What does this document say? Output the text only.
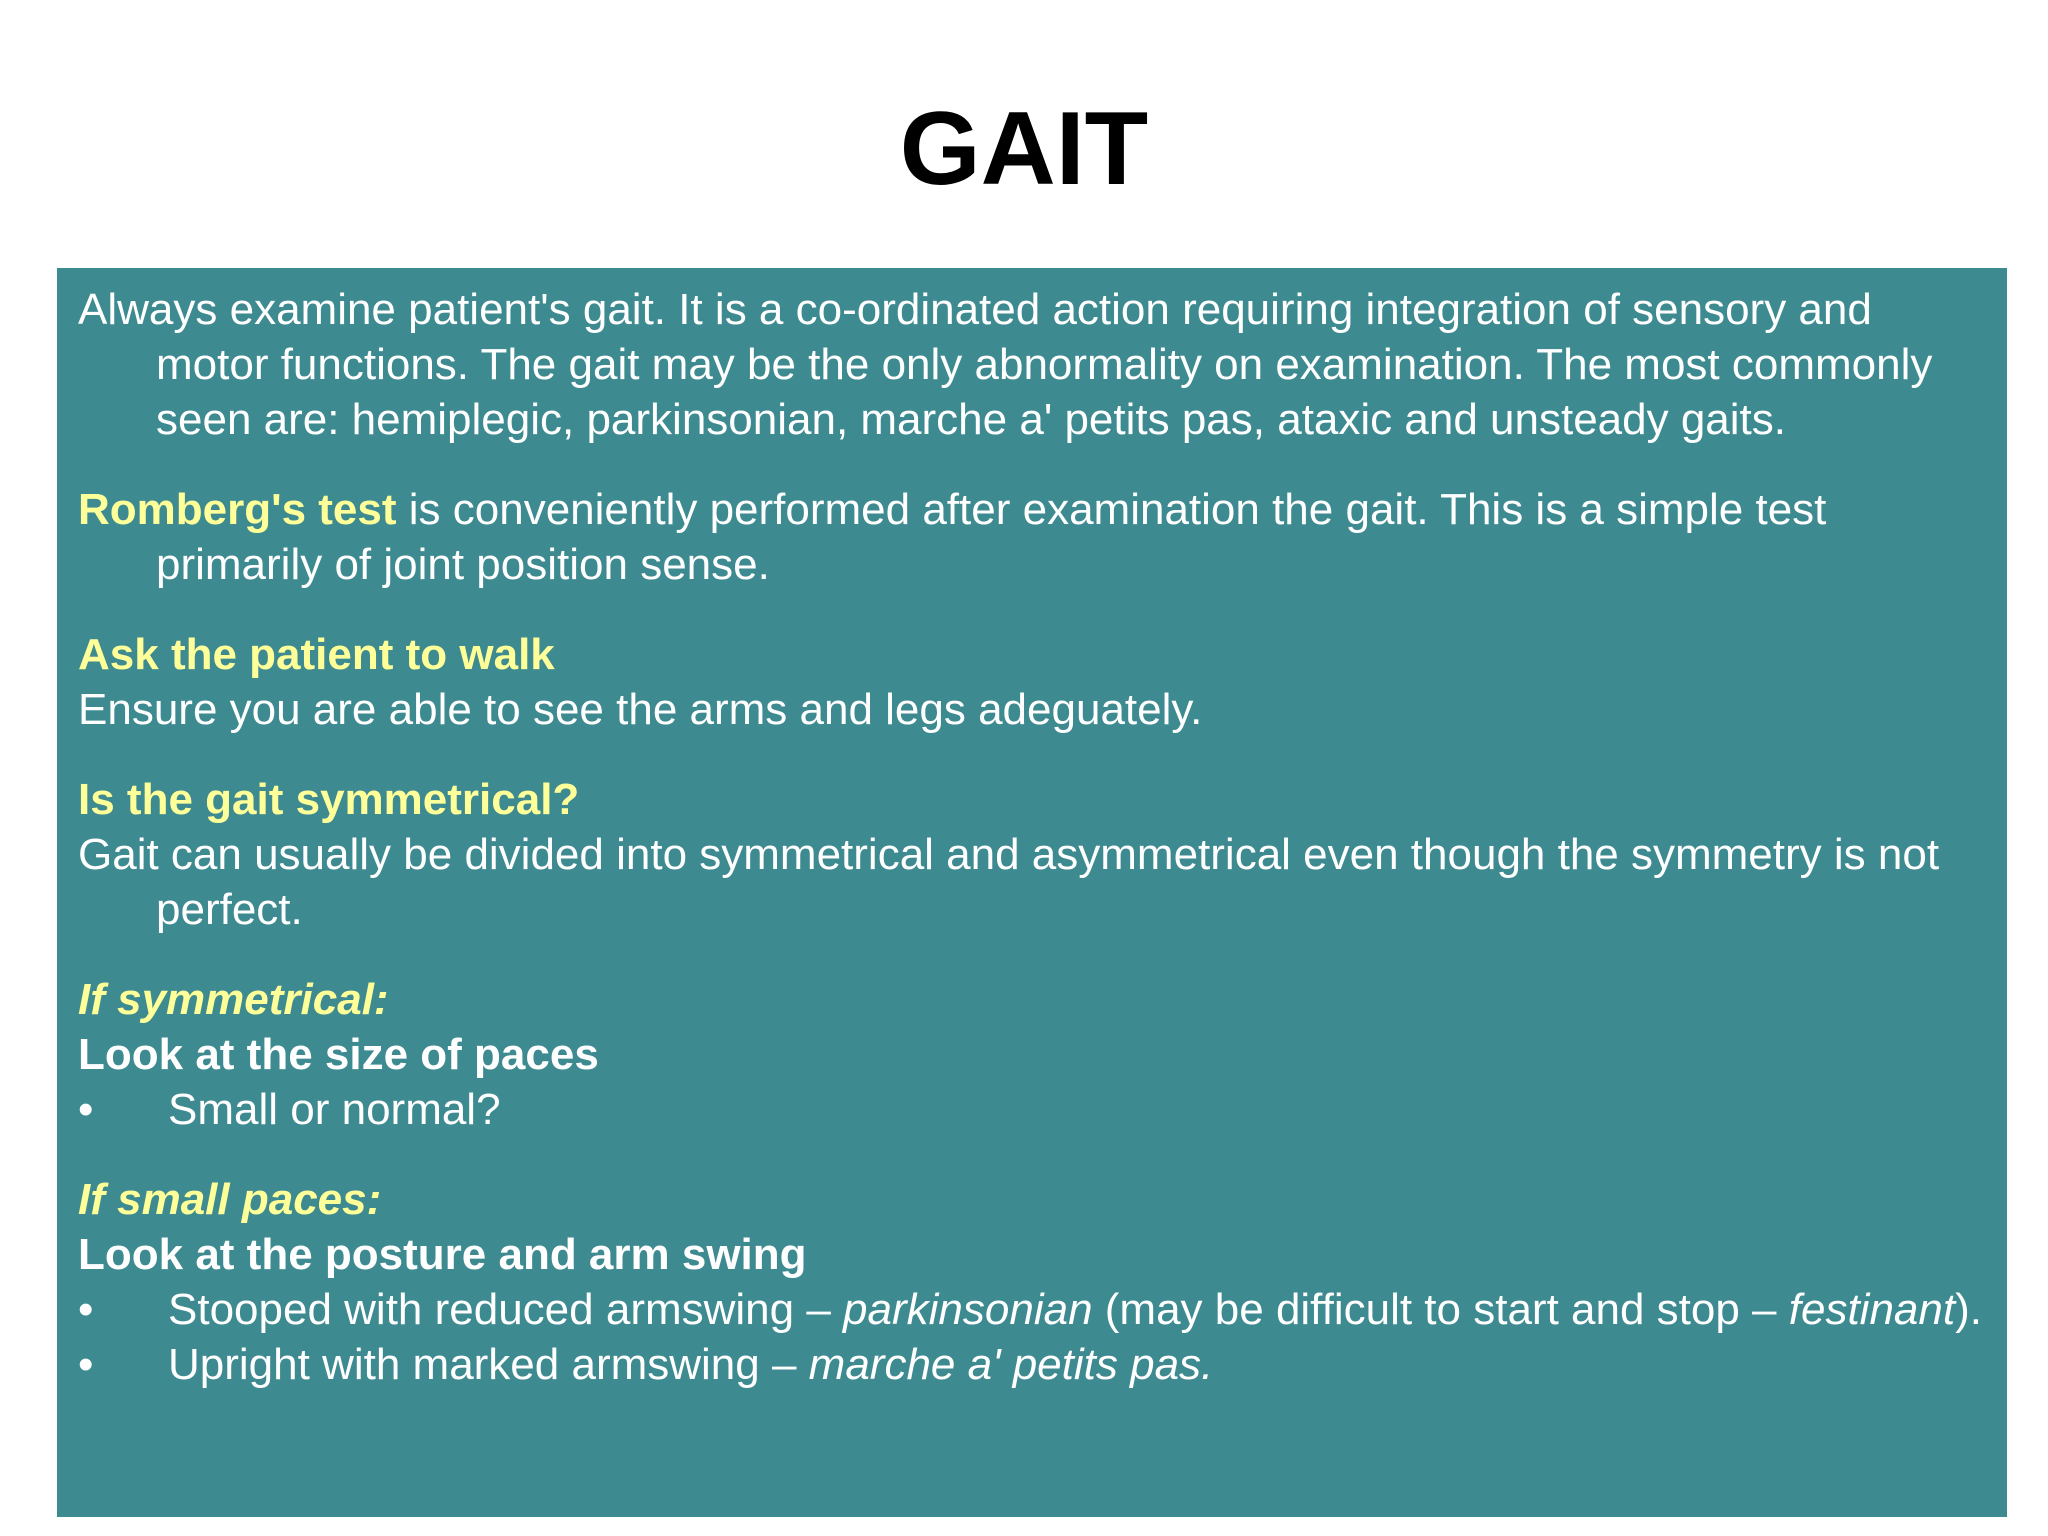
GAIT

Always examine patient's gait. It is a co-ordinated action requiring integration of sensory and motor functions. The gait may be the only abnormality on examination. The most commonly seen are: hemiplegic, parkinsonian, marche a' petits pas, ataxic and unsteady gaits.

Romberg's test is conveniently performed after examination the gait. This is a simple test primarily of joint position sense.

Ask the patient to walk
Ensure you are able to see the arms and legs adeguately.
Is the gait symmetrical?
Gait can usually be divided into symmetrical and asymmetrical even though the symmetry is not perfect.
If symmetrical:
Look at the size of paces
• Small or normal?
If small paces:
Look at the posture and arm swing
• Stooped with reduced armswing – parkinsonian (may be difficult to start and stop – festinant).
• Upright with marked armswing – marche a' petits pas.
